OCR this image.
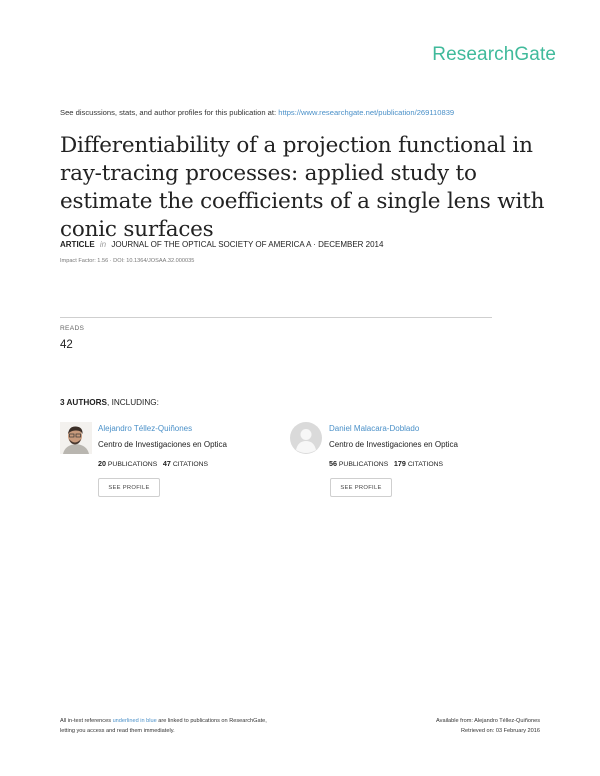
ResearchGate
See discussions, stats, and author profiles for this publication at: https://www.researchgate.net/publication/269110839
Differentiability of a projection functional in ray-tracing processes: applied study to estimate the coefficients of a single lens with conic surfaces
ARTICLE in JOURNAL OF THE OPTICAL SOCIETY OF AMERICA A · DECEMBER 2014
Impact Factor: 1.56 · DOI: 10.1364/JOSAA.32.000035
READS
42
3 AUTHORS, INCLUDING:
Alejandro Téllez-Quiñones
Centro de Investigaciones en Optica
20 PUBLICATIONS 47 CITATIONS
SEE PROFILE
Daniel Malacara-Doblado
Centro de Investigaciones en Optica
56 PUBLICATIONS 179 CITATIONS
SEE PROFILE
All in-text references underlined in blue are linked to publications on ResearchGate,
letting you access and read them immediately.
Available from: Alejandro Téllez-Quiñones
Retrieved on: 03 February 2016
